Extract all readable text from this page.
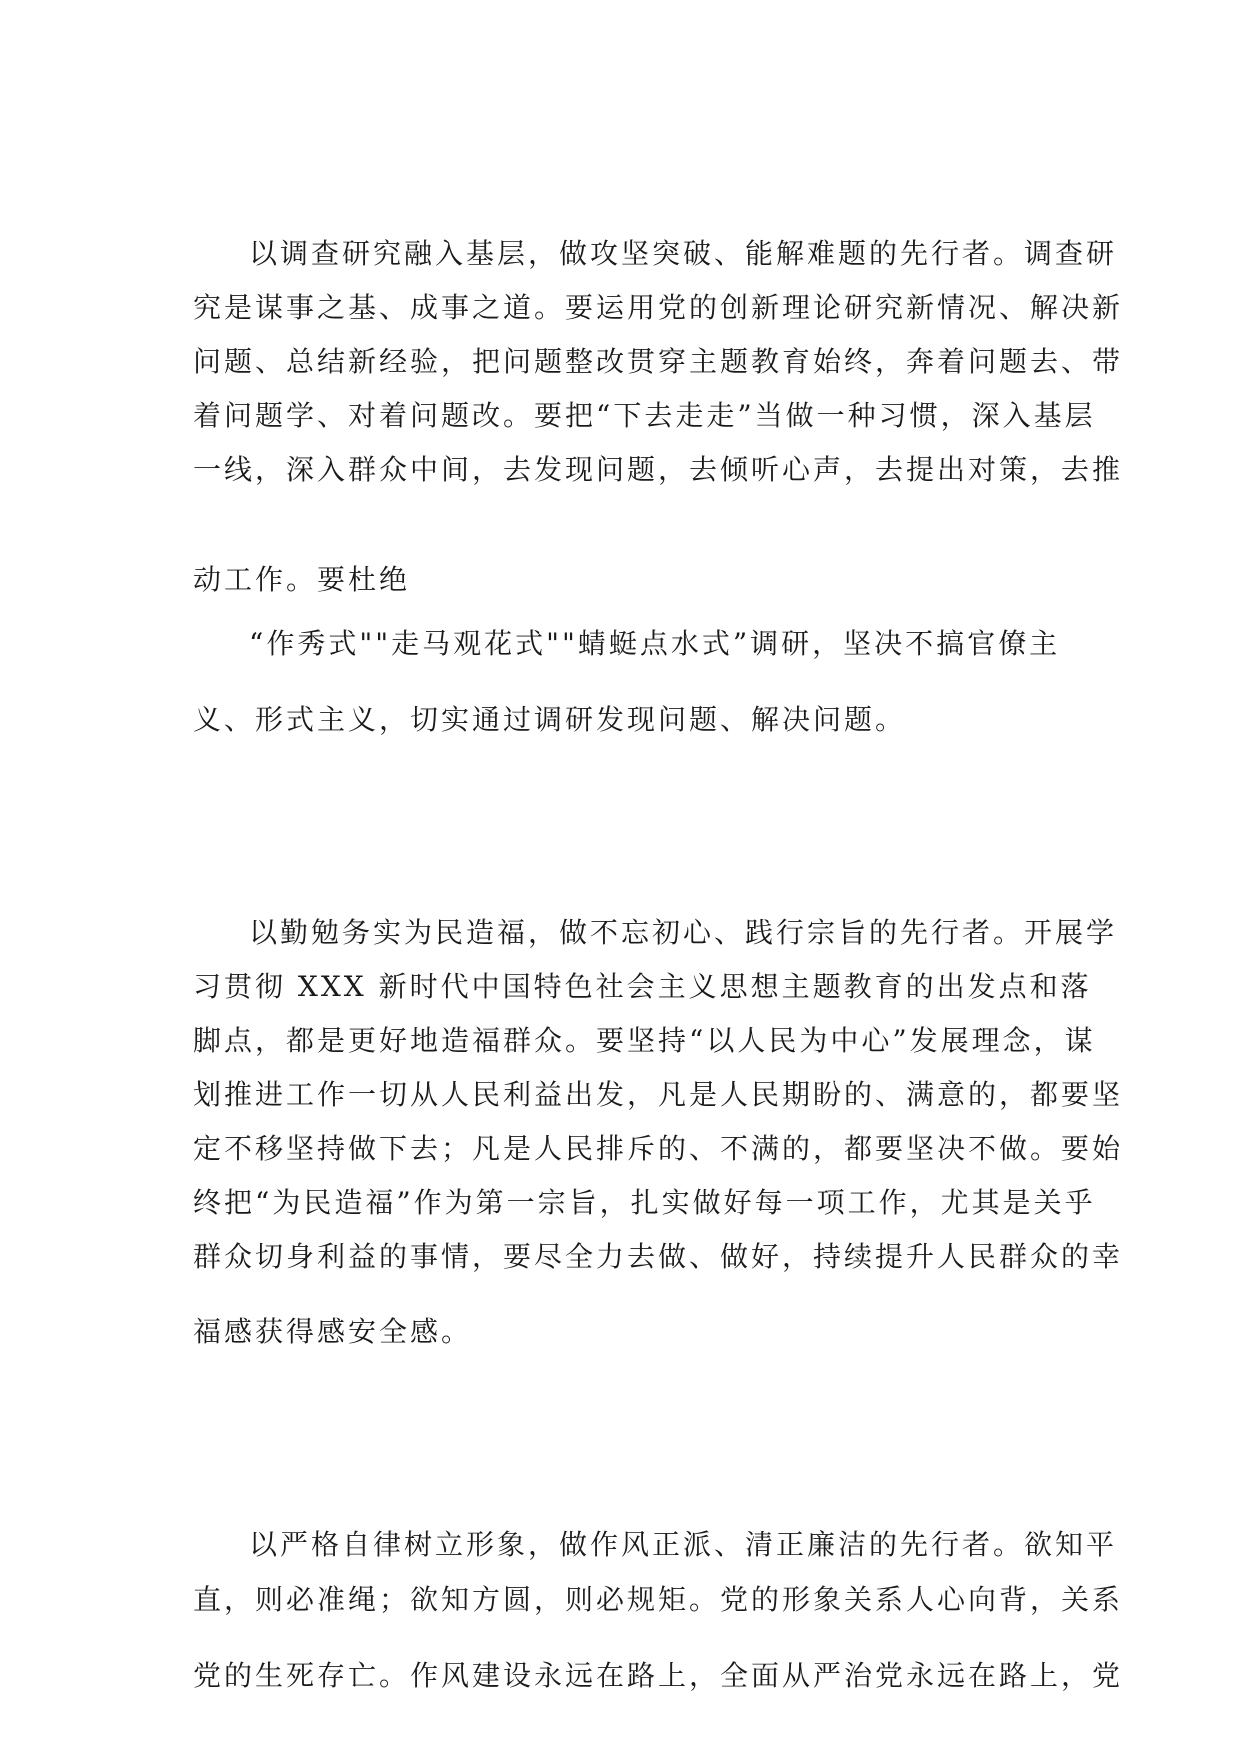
以调查研究融入基层，做攻坚突破、能解难题的先行者。调查研
究是谋事之基、成事之道。要运用党的创新理论研究新情况、解决新
问题、总结新经验，把问题整改贯穿主题教育始终，奔着问题去、带
着问题学、对着问题改。要把“下去走走”当做一种习惯，深入基层
一线，深入群众中间，去发现问题，去倾听心声，去提出对策，去推
动工作。要杜绝
“作秀式""走马观花式""蜻蜓点水式”调研，坚决不搞官僚主
义、形式主义，切实通过调研发现问题、解决问题。
以勤勉务实为民造福，做不忘初心、践行宗旨的先行者。开展学
习贯彻 XXX 新时代中国特色社会主义思想主题教育的出发点和落
脚点，都是更好地造福群众。要坚持“以人民为中心”发展理念，谋
划推进工作一切从人民利益出发，凡是人民期盼的、满意的，都要坚
定不移坚持做下去；凡是人民排斥的、不满的，都要坚决不做。要始
终把“为民造福”作为第一宗旨，扎实做好每一项工作，尤其是关乎
群众切身利益的事情，要尽全力去做、做好，持续提升人民群众的幸
福感获得感安全感。
以严格自律树立形象，做作风正派、清正廉洁的先行者。欲知平
直，则必准绳；欲知方圆，则必规矩。党的形象关系人心向背，关系
党的生死存亡。作风建设永远在路上，全面从严治党永远在路上，党
